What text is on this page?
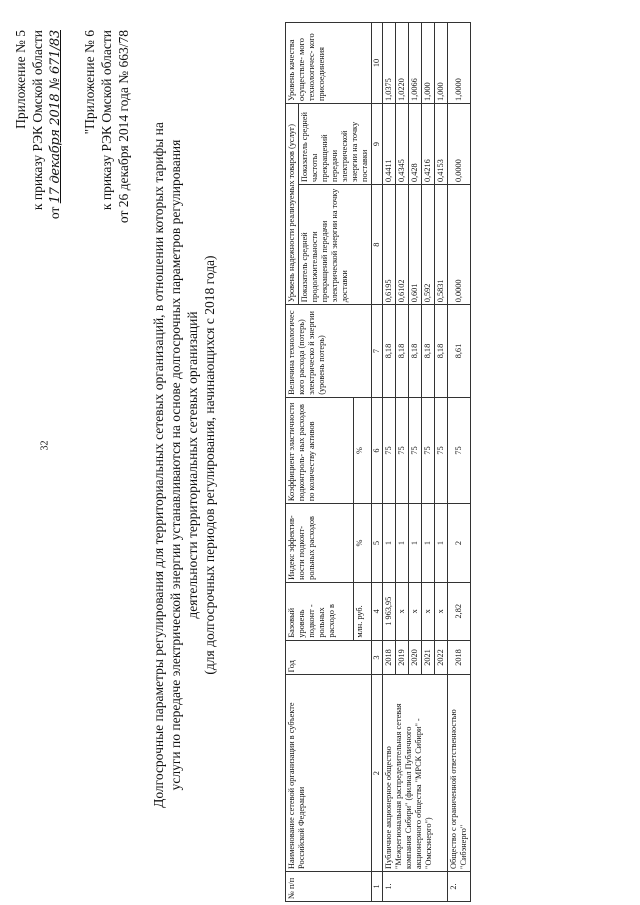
32
Приложение № 5 к приказу РЭК Омской области
от 17 декабря 2018 № 671/83 "Приложение № 6 к приказу РЭК Омской области от 26 декабря 2014 года № 663/78 Долгосрочные параметры регулирования для территориальных сетевых организаций, в отношении которых тарифы на услуги по передаче электрической энергии устанавливаются на основе долгосрочных параметров регулирования деятельности территориальных сетевых организаций (для долгосрочных периодов регулирования, начинающихся с 2018 года)
№ п/п	Наименование сетевой организации в субъекте Российской Федерации	Год	Базовый уровень подконт - рольных расходо в	Индекс эффектив- ности подконт- рольных расходов	Коэффициент эластичности подконтроль- ных расходов по количеству активов	Величина технологичес кого расхода (потерь) электрическо й энергии (уровень потерь)	Уровень надежности реализуемых товаров (услуг)		Уровень качества осуществле- мого технологичес- кого присоединения
							Показатель средней продолжительности прекращений передачи электрической энергии на точку доставки	Показатель средней частоты прекращений передачи электрической энергии на точку поставки	
			млн. руб.	%	%				
1	2	3	4	5	6	7	8	9	10
1.	Публичное акционерное общество "Межрегиональная распределительная сетевая компания Сибири" (филиал Публичного акционерного общества "МРСК Сибири" - "Омскэнерго")	2018	1 963,95	1	75	8,18	0,6195	0,4411	1,0375
		2019	х	1	75	8,18	0,6102	0,4345	1,0220
		2020	х	1	75	8,18	0,601	0,428	1,0066
		2021	х	1	75	8,18	0,592	0,4216	1,000
		2022	х	1	75	8,18	0,5831	0,4153	1,000
2.	Общество с ограниченной ответственностью "Сибэнерго"	2018	2,82	2	75	8,61	0,0000	0,0000	1,0000
